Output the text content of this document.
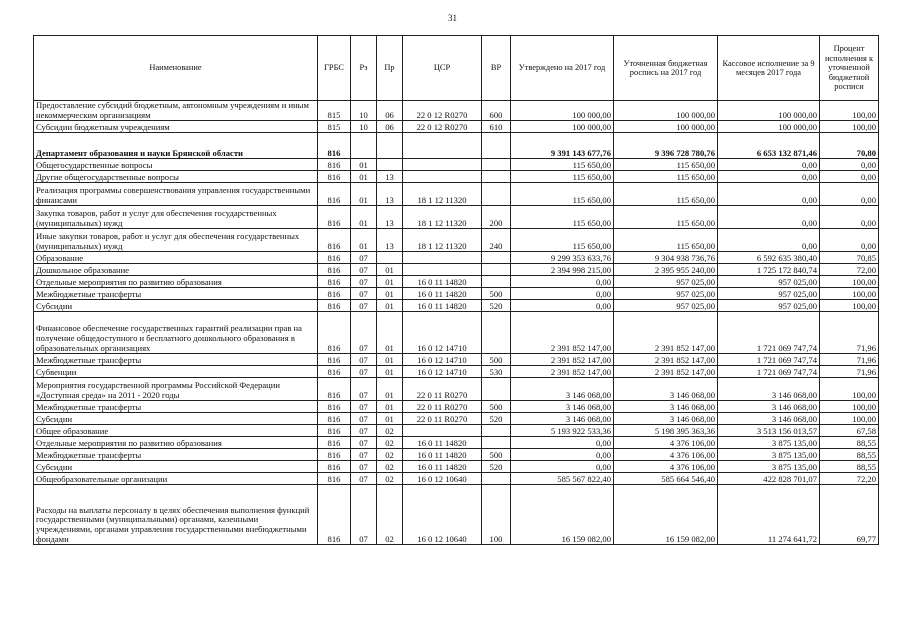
31
Наименование	ГРБС	Рз	Пр	ЦСР	ВР	Утверждено на 2017 год	Уточненная бюджетная роспись на 2017 год	Кассовое исполнение за 9 месяцев 2017 года	Процент исполнения к уточненной бюджетной росписи
Предоставление субсидий бюджетным, автономным учреждениям и иным некоммерческим организациям	815	10	06	22 0 12 R0270	600	100 000,00	100 000,00	100 000,00	100,00
Субсидии бюджетным учреждениям	815	10	06	22 0 12 R0270	610	100 000,00	100 000,00	100 000,00	100,00
Департамент образования и науки Брянской области	816					9 391 143 677,76	9 396 728 780,76	6 653 132 871,46	70,80
Общегосударственные вопросы	816	01				115 650,00	115 650,00	0,00	0,00
Другие общегосударственные вопросы	816	01	13			115 650,00	115 650,00	0,00	0,00
Реализация программы совершенствования управления государственными финансами	816	01	13	18 1 12 11320		115 650,00	115 650,00	0,00	0,00
Закупка товаров, работ и услуг для обеспечения государственных (муниципальных) нужд	816	01	13	18 1 12 11320	200	115 650,00	115 650,00	0,00	0,00
Иные закупки товаров, работ и услуг для обеспечения государственных (муниципальных) нужд	816	01	13	18 1 12 11320	240	115 650,00	115 650,00	0,00	0,00
Образование	816	07				9 299 353 633,76	9 304 938 736,76	6 592 635 380,40	70,85
Дошкольное образование	816	07	01			2 394 998 215,00	2 395 955 240,00	1 725 172 840,74	72,00
Отдельные мероприятия по развитию образования	816	07	01	16 0 11 14820		0,00	957 025,00	957 025,00	100,00
Межбюджетные трансферты	816	07	01	16 0 11 14820	500	0,00	957 025,00	957 025,00	100,00
Субсидии	816	07	01	16 0 11 14820	520	0,00	957 025,00	957 025,00	100,00
Финансовое обеспечение государственных гарантий реализации прав на получение общедоступного и бесплатного дошкольного образования в образовательных организациях	816	07	01	16 0 12 14710		2 391 852 147,00	2 391 852 147,00	1 721 069 747,74	71,96
Межбюджетные трансферты	816	07	01	16 0 12 14710	500	2 391 852 147,00	2 391 852 147,00	1 721 069 747,74	71,96
Субвенции	816	07	01	16 0 12 14710	530	2 391 852 147,00	2 391 852 147,00	1 721 069 747,74	71,96
Мероприятия государственной программы Российской Федерации «Доступная среда» на 2011 - 2020 годы	816	07	01	22 0 11 R0270		3 146 068,00	3 146 068,00	3 146 068,00	100,00
Межбюджетные трансферты	816	07	01	22 0 11 R0270	500	3 146 068,00	3 146 068,00	3 146 068,00	100,00
Субсидии	816	07	01	22 0 11 R0270	520	3 146 068,00	3 146 068,00	3 146 068,00	100,00
Общее образование	816	07	02			5 193 922 533,36	5 198 395 363,36	3 513 156 013,57	67,58
Отдельные мероприятия по развитию образования	816	07	02	16 0 11 14820		0,00	4 376 106,00	3 875 135,00	88,55
Межбюджетные трансферты	816	07	02	16 0 11 14820	500	0,00	4 376 106,00	3 875 135,00	88,55
Субсидии	816	07	02	16 0 11 14820	520	0,00	4 376 106,00	3 875 135,00	88,55
Общеобразовательные организации	816	07	02	16 0 12 10640		585 567 822,40	585 664 546,40	422 828 701,07	72,20
Расходы на выплаты персоналу в целях обеспечения выполнения функций государственными (муниципальными) органами, казенными учреждениями, органами управления государственными внебюджетными фондами	816	07	02	16 0 12 10640	100	16 159 082,00	16 159 082,00	11 274 641,72	69,77
